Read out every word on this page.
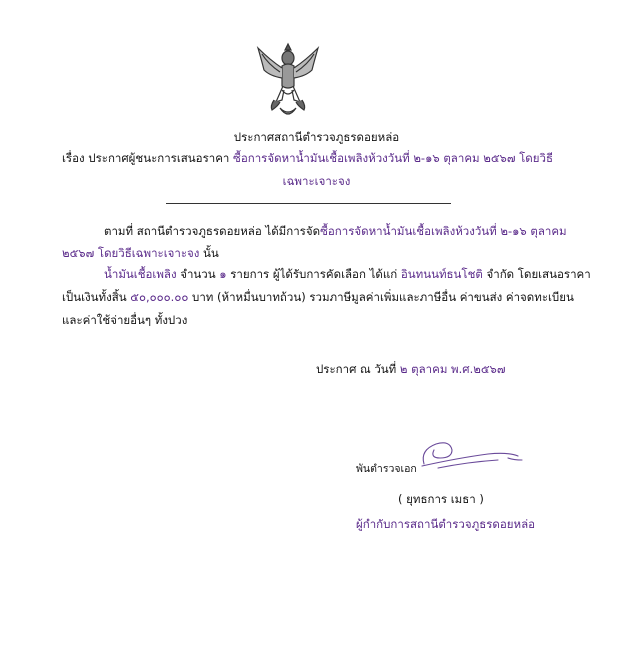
ประกาศสถานีตำรวจภูธรดอยหล่อ
เรื่อง ประกาศผู้ชนะการเสนอราคา ซื้อการจัดหาน้ำมันเชื้อเพลิงห้วงวันที่ ๒-๑๖ ตุลาคม ๒๕๖๗ โดยวิธี
เฉพาะเจาะจง
ตามที่ สถานีตำรวจภูธรดอยหล่อ ได้มีการจัดซื้อการจัดหาน้ำมันเชื้อเพลิงห้วงวันที่ ๒-๑๖ ตุลาคม
๒๕๖๗ โดยวิธีเฉพาะเจาะจง นั้น
น้ำมันเชื้อเพลิง จำนวน ๑ รายการ ผู้ได้รับการคัดเลือก ได้แก่ อินทนนท์ธนโชติ จำกัด โดยเสนอราคา
เป็นเงินทั้งสิ้น ๕๐,๐๐๐.๐๐ บาท (ห้าหมื่นบาทถ้วน) รวมภาษีมูลค่าเพิ่มและภาษีอื่น ค่าขนส่ง ค่าจดทะเบียน
และค่าใช้จ่ายอื่นๆ ทั้งปวง
ประกาศ ณ วันที่ ๒ ตุลาคม พ.ศ.๒๕๖๗
พันตำรวจเอก
( ยุทธการ เมธา )
ผู้กำกับการสถานีตำรวจภูธรดอยหล่อ
